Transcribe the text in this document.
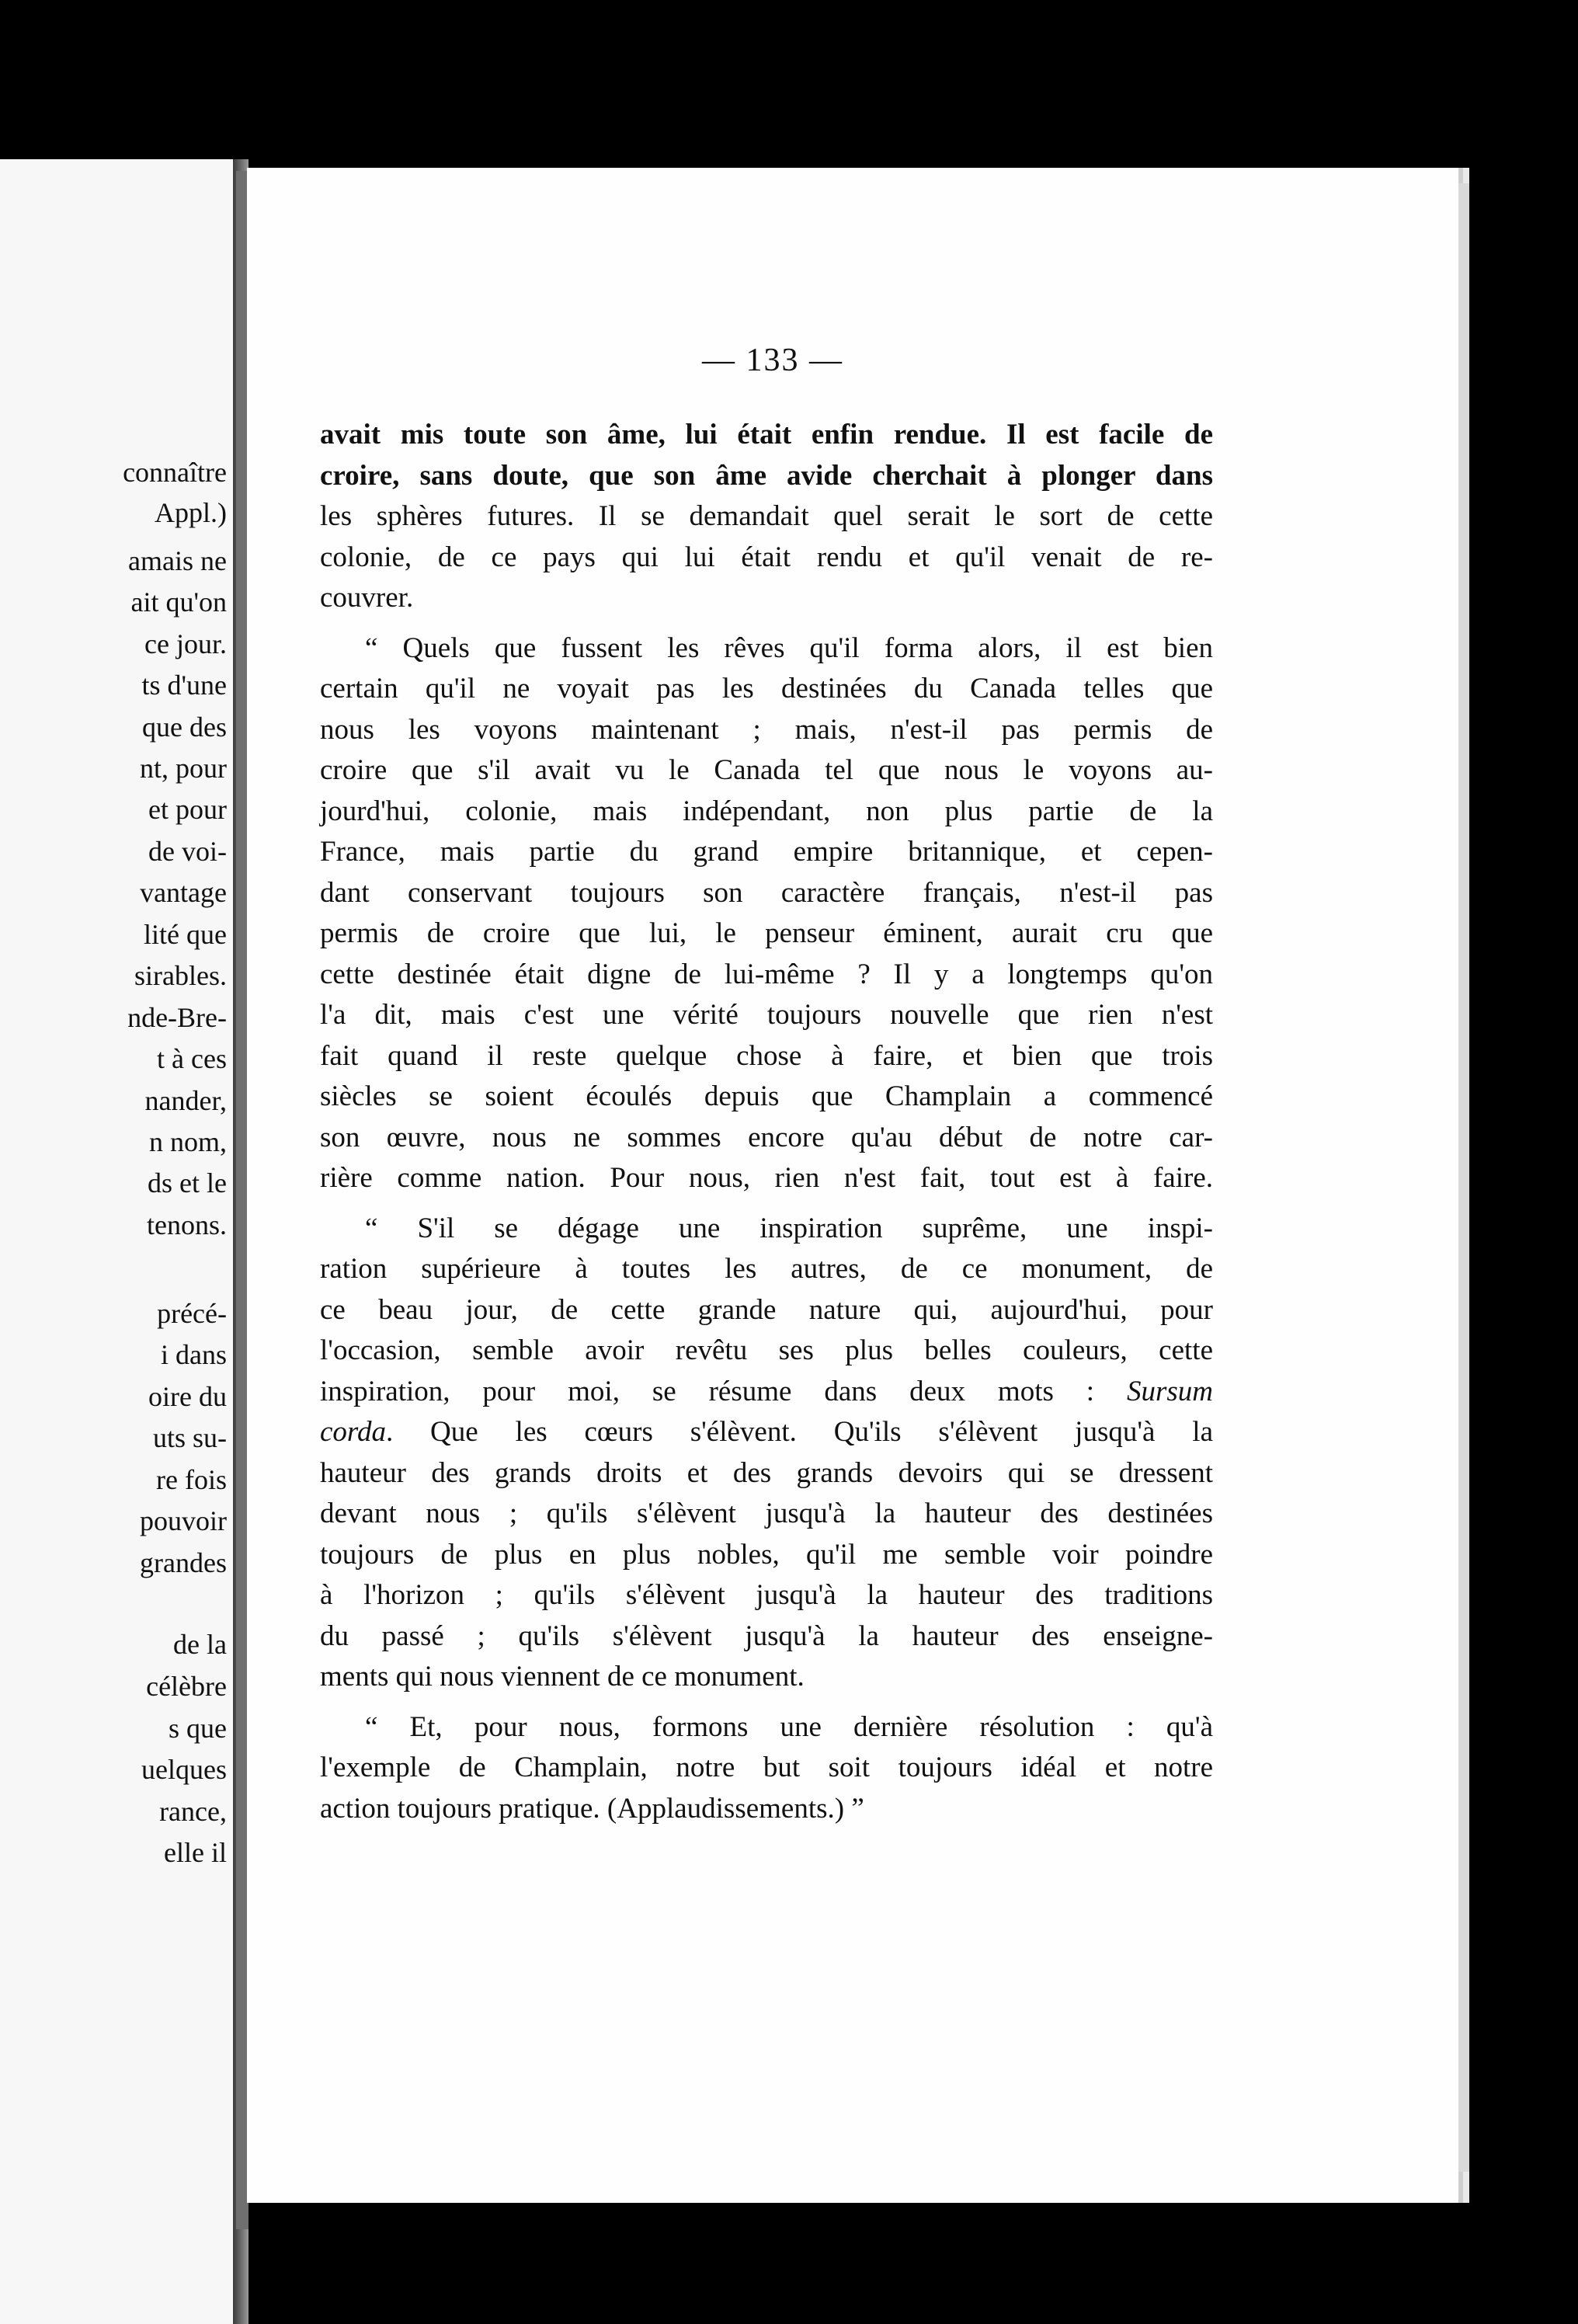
connaître
Appl.)
amais ne
ait qu'on
ce jour.
ts d'une
que des
nt, pour
et pour
de voi-
vantage
lité que
sirables.
nde-Bre-
t à ces
nander,
n nom,
ds et le
tenons.
précé-
i dans
oire du
uts su-
re fois
pouvoir
grandes
de la
célèbre
s que
uelques
rance,
elle il
— 133 —

avait mis toute son âme, lui était enfin rendue. Il est facile de
croire, sans doute, que son âme avide cherchait à plonger dans
les sphères futures. Il se demandait quel serait le sort de cette
colonie, de ce pays qui lui était rendu et qu'il venait de re-
couvrer.

“ Quels que fussent les rêves qu'il forma alors, il est bien
certain qu'il ne voyait pas les destinées du Canada telles que
nous les voyons maintenant ; mais, n'est-il pas permis de
croire que s'il avait vu le Canada tel que nous le voyons au-
jourd'hui, colonie, mais indépendant, non plus partie de la
France, mais partie du grand empire britannique, et cepen-
dant conservant toujours son caractère français, n'est-il pas
permis de croire que lui, le penseur éminent, aurait cru que
cette destinée était digne de lui-même ? Il y a longtemps qu'on
l'a dit, mais c'est une vérité toujours nouvelle que rien n'est
fait quand il reste quelque chose à faire, et bien que trois
siècles se soient écoulés depuis que Champlain a commencé
son œuvre, nous ne sommes encore qu'au début de notre car-
rière comme nation. Pour nous, rien n'est fait, tout est à faire.

“ S'il se dégage une inspiration suprême, une inspi-
ration supérieure à toutes les autres, de ce monument, de
ce beau jour, de cette grande nature qui, aujourd'hui, pour
l'occasion, semble avoir revêtu ses plus belles couleurs, cette
inspiration, pour moi, se résume dans deux mots : Sursum
corda. Que les cœurs s'élèvent. Qu'ils s'élèvent jusqu'à la
hauteur des grands droits et des grands devoirs qui se dressent
devant nous ; qu'ils s'élèvent jusqu'à la hauteur des destinées
toujours de plus en plus nobles, qu'il me semble voir poindre
à l'horizon ; qu'ils s'élèvent jusqu'à la hauteur des traditions
du passé ; qu'ils s'élèvent jusqu'à la hauteur des enseigne-
ments qui nous viennent de ce monument.

“ Et, pour nous, formons une dernière résolution : qu'à
l'exemple de Champlain, notre but soit toujours idéal et notre
action toujours pratique. (Applaudissements.) ”
